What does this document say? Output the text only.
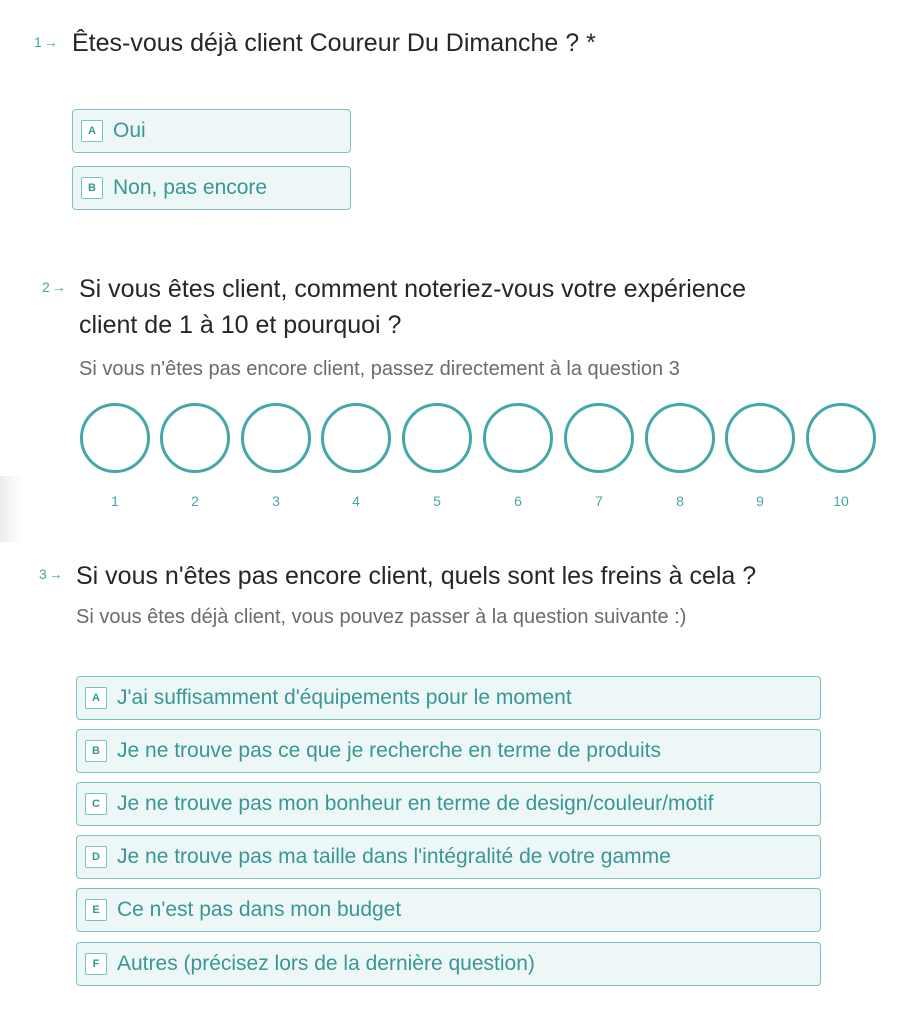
1 → Êtes-vous déjà client Coureur Du Dimanche ? *
A Oui
B Non, pas encore
2 → Si vous êtes client, comment noteriez-vous votre expérience
client de 1 à 10 et pourquoi ?
Si vous n'êtes pas encore client, passez directement à la question 3
1	2	3	4	5	6	7	8	9	10
3 → Si vous n'êtes pas encore client, quels sont les freins à cela ?
Si vous êtes déjà client, vous pouvez passer à la question suivante :)
A J'ai suffisamment d'équipements pour le moment
B Je ne trouve pas ce que je recherche en terme de produits
C Je ne trouve pas mon bonheur en terme de design/couleur/motif
D Je ne trouve pas ma taille dans l'intégralité de votre gamme
E Ce n'est pas dans mon budget
F Autres (précisez lors de la dernière question)
